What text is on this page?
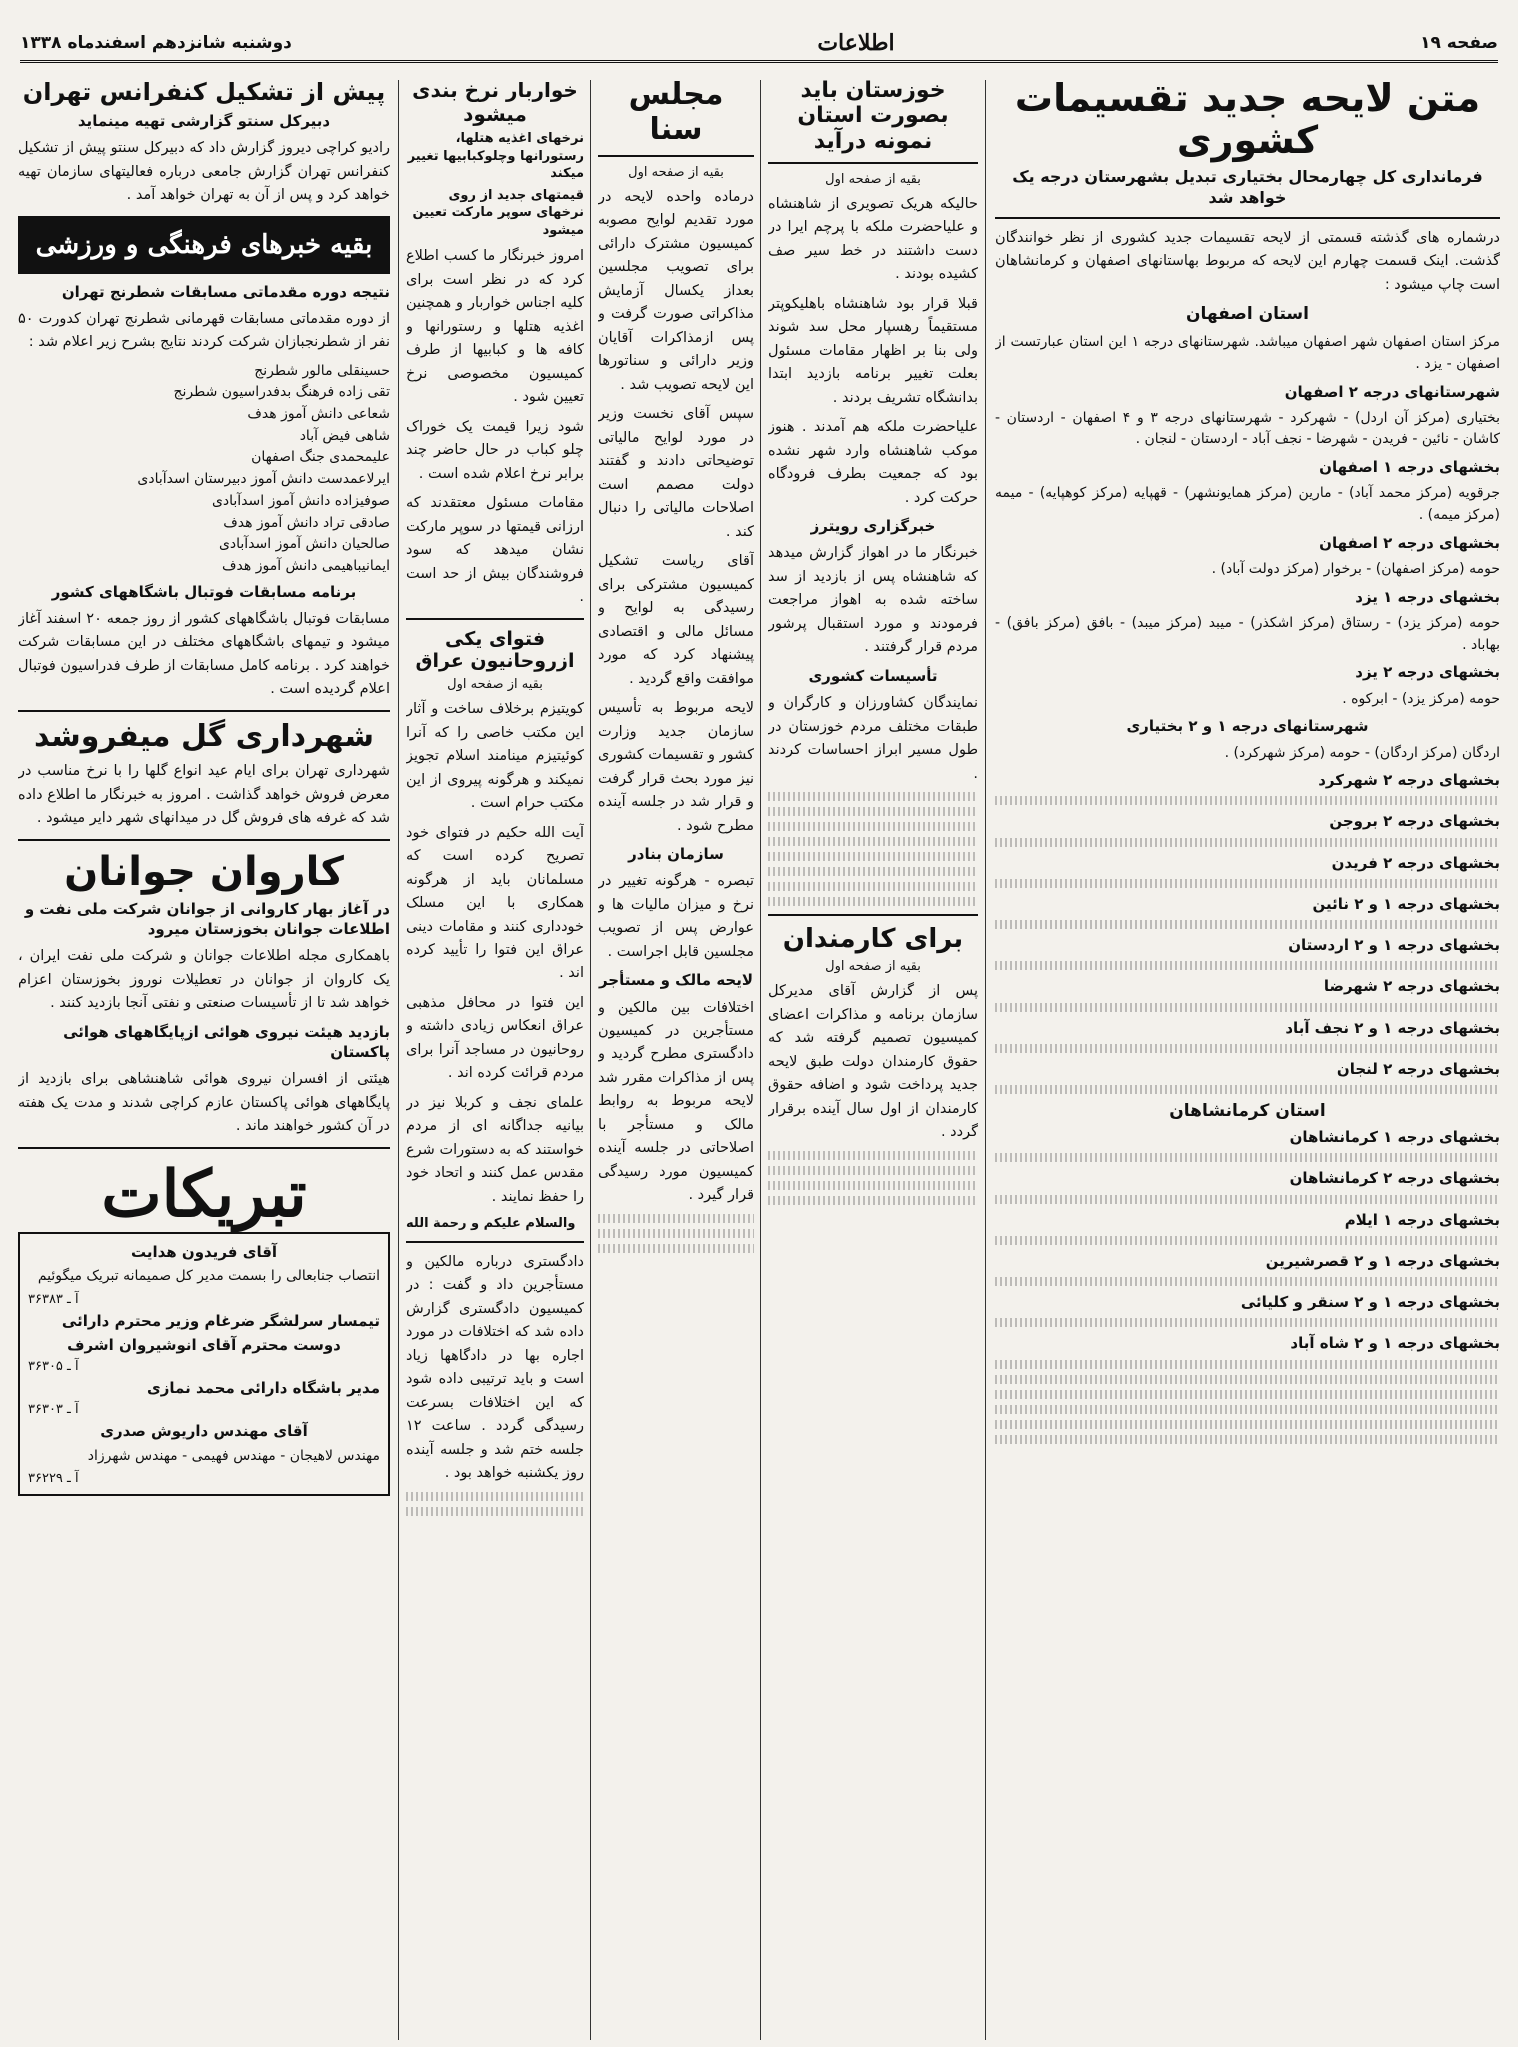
صفحه ۱۹
اطلاعات
دوشنبه شانزدهم اسفندماه ۱۳۳۸
متن لایحه جدید تقسیمات کشوری
فرمانداری کل چهارمحال بختیاری تبدیل بشهرستان درجه یک خواهد شد
درشماره های گذشته قسمتی از لایحه تقسیمات جدید کشوری از نظر خوانندگان گذشت. اینک قسمت چهارم این لایحه که مربوط بهاستانهای اصفهان و کرمانشاهان است چاپ میشود :
استان اصفهان
مرکز استان اصفهان شهر اصفهان میباشد. شهرستانهای درجه ۱ این استان عبارتست از اصفهان - یزد .
شهرستانهای درجه ۲ اصفهان
بختیاری (مرکز آن اردل) - شهرکرد - شهرستانهای درجه ۳ و ۴ اصفهان - اردستان - کاشان - نائین - فریدن - شهرضا - نجف آباد - اردستان - لنجان .
بخشهای درجه ۱ اصفهان
جرقویه (مرکز محمد آباد) - مارین (مرکز همایونشهر) - قهپایه (مرکز کوهپایه) - میمه (مرکز میمه) .
بخشهای درجه ۲ اصفهان
حومه (مرکز اصفهان) - برخوار (مرکز دولت آباد) .
بخشهای درجه ۱ یزد
حومه (مرکز یزد) - رستاق (مرکز اشکذر) - میبد (مرکز میبد) - بافق (مرکز بافق) - بهاباد .
بخشهای درجه ۲ یزد
حومه (مرکز یزد) - ابرکوه .
شهرستانهای درجه ۱ و ۲ بختیاری
اردگان (مرکز اردگان) - حومه (مرکز شهرکرد) .
بخشهای درجه ۲ شهرکرد
بخشهای درجه ۲ بروجن
بخشهای درجه ۲ فریدن
بخشهای درجه ۱ و ۲ نائین
بخشهای درجه ۱ و ۲ اردستان
بخشهای درجه ۲ شهرضا
بخشهای درجه ۱ و ۲ نجف آباد
بخشهای درجه ۲ لنجان
استان کرمانشاهان
بخشهای درجه ۱ کرمانشاهان
بخشهای درجه ۲ کرمانشاهان
بخشهای درجه ۱ ایلام
بخشهای درجه ۱ و ۲ قصرشیرین
بخشهای درجه ۱ و ۲ سنقر و کلیائی
بخشهای درجه ۱ و ۲ شاه آباد
خوزستان باید بصورت استان نمونه درآید
بقیه از صفحه اول
حالیکه هریک تصویری از شاهنشاه و علیاحضرت ملکه با پرچم ایرا در دست داشتند در خط سیر صف کشیده بودند .
قبلا قرار بود شاهنشاه باهلیکوپتر مستقیماً رهسپار محل سد شوند ولی بنا بر اظهار مقامات مسئول بعلت تغییر برنامه بازدید ابتدا بدانشگاه تشریف بردند .
علیاحضرت ملکه هم آمدند . هنوز موکب شاهنشاه وارد شهر نشده بود که جمعیت بطرف فرودگاه حرکت کرد .
خبرگزاری رویترز
خبرنگار ما در اهواز گزارش میدهد که شاهنشاه پس از بازدید از سد ساخته شده به اهواز مراجعت فرمودند و مورد استقبال پرشور مردم قرار گرفتند .
تأسیسات کشوری
نمایندگان کشاورزان و کارگران و طبقات مختلف مردم خوزستان در طول مسیر ابراز احساسات کردند .
برای کارمندان
بقیه از صفحه اول
پس از گزارش آقای مدیرکل سازمان برنامه و مذاکرات اعضای کمیسیون تصمیم گرفته شد که حقوق کارمندان دولت طبق لایحه جدید پرداخت شود و اضافه حقوق کارمندان از اول سال آینده برقرار گردد .
مجلس سنا
بقیه از صفحه اول
درماده واحده لایحه در مورد تقدیم لوایح مصوبه کمیسیون مشترک دارائی برای تصویب مجلسین بعداز یکسال آزمایش مذاکراتی صورت گرفت و پس ازمذاکرات آقایان وزیر دارائی و سناتورها این لایحه تصویب شد .
سپس آقای نخست وزیر در مورد لوایح مالیاتی توضیحاتی دادند و گفتند دولت مصمم است اصلاحات مالیاتی را دنبال کند .
آقای ریاست تشکیل کمیسیون مشترکی برای رسیدگی به لوایح و مسائل مالی و اقتصادی پیشنهاد کرد که مورد موافقت واقع گردید .
لایحه مربوط به تأسیس سازمان جدید وزارت کشور و تقسیمات کشوری نیز مورد بحث قرار گرفت و قرار شد در جلسه آینده مطرح شود .
سازمان بنادر
تبصره - هرگونه تغییر در نرخ و میزان مالیات ها و عوارض پس از تصویب مجلسین قابل اجراست .
لایحه مالک و مستأجر
اختلافات بین مالکین و مستأجرین در کمیسیون دادگستری مطرح گردید و پس از مذاکرات مقرر شد لایحه مربوط به روابط مالک و مستأجر با اصلاحاتی در جلسه آینده کمیسیون مورد رسیدگی قرار گیرد .
خواربار نرخ بندی میشود
نرخهای اغذیه هتلها، رستورانها وچلوکبابیها تغییر میکند
قیمتهای جدید از روی نرخهای سوپر مارکت تعیین میشود
امروز خبرنگار ما کسب اطلاع کرد که در نظر است برای کلیه اجناس خواربار و همچنین اغذیه هتلها و رستورانها و کافه ها و کبابیها از طرف کمیسیون مخصوصی نرخ تعیین شود .
شود زیرا قیمت یک خوراک چلو کباب در حال حاضر چند برابر نرخ اعلام شده است .
مقامات مسئول معتقدند که ارزانی قیمتها در سوپر مارکت نشان میدهد که سود فروشندگان بیش از حد است .
فتوای یکی ازروحانیون عراق
بقیه از صفحه اول
کویتیزم برخلاف ساخت و آثار این مکتب خاصی را که آنرا کوئیتیزم مینامند اسلام تجویز نمیکند و هرگونه پیروی از این مکتب حرام است .
آیت الله حکیم در فتوای خود تصریح کرده است که مسلمانان باید از هرگونه همکاری با این مسلک خودداری کنند و مقامات دینی عراق این فتوا را تأیید کرده اند .
این فتوا در محافل مذهبی عراق انعکاس زیادی داشته و روحانیون در مساجد آنرا برای مردم قرائت کرده اند .
علمای نجف و کربلا نیز در بیانیه جداگانه ای از مردم خواستند که به دستورات شرع مقدس عمل کنند و اتحاد خود را حفظ نمایند .
والسلام علیکم و رحمة الله
دادگستری درباره مالکین و مستأجرین داد و گفت : در کمیسیون دادگستری گزارش داده شد که اختلافات در مورد اجاره بها در دادگاهها زیاد است و باید ترتیبی داده شود که این اختلافات بسرعت رسیدگی گردد . ساعت ۱۲ جلسه ختم شد و جلسه آینده روز یکشنبه خواهد بود .
پیش از تشکیل کنفرانس تهران
دبیرکل سنتو گزارشی تهیه مینماید
رادیو کراچی دیروز گزارش داد که دبیرکل سنتو پیش از تشکیل کنفرانس تهران گزارش جامعی درباره فعالیتهای سازمان تهیه خواهد کرد و پس از آن به تهران خواهد آمد .
بقیه خبرهای فرهنگی و ورزشی
نتیجه دوره مقدماتی مسابقات شطرنج تهران
از دوره مقدماتی مسابقات قهرمانی شطرنج تهران کدورت ۵۰ نفر از شطرنجبازان شرکت کردند نتایج بشرح زیر اعلام شد :
حسینقلی مالور شطرنج
تقی زاده فرهنگ بدفدراسیون شطرنج
شعاعی دانش آموز هدف
شاهی فیض آباد
علیمحمدی جنگ اصفهان
ایرلاعمدست دانش آموز دبیرستان اسدآبادی
صوفیزاده دانش آموز اسدآبادی
صادقی تراد دانش آموز هدف
صالحیان دانش آموز اسدآبادی
ایمانیباهیمی دانش آموز هدف
برنامه مسابقات فوتبال باشگاههای کشور
مسابقات فوتبال باشگاههای کشور از روز جمعه ۲۰ اسفند آغاز میشود و تیمهای باشگاههای مختلف در این مسابقات شرکت خواهند کرد . برنامه کامل مسابقات از طرف فدراسیون فوتبال اعلام گردیده است .
شهرداری گل میفروشد
شهرداری تهران برای ایام عید انواع گلها را با نرخ مناسب در معرض فروش خواهد گذاشت . امروز به خبرنگار ما اطلاع داده شد که غرفه های فروش گل در میدانهای شهر دایر میشود .
کاروان جوانان
در آغاز بهار کاروانی از جوانان شرکت ملی نفت و اطلاعات جوانان بخوزستان میرود
باهمکاری مجله اطلاعات جوانان و شرکت ملی نفت ایران ، یک کاروان از جوانان در تعطیلات نوروز بخوزستان اعزام خواهد شد تا از تأسیسات صنعتی و نفتی آنجا بازدید کنند .
بازدید هیئت نیروی هوائی ازپایگاههای هوائی پاکستان
هیئتی از افسران نیروی هوائی شاهنشاهی برای بازدید از پایگاههای هوائی پاکستان عازم کراچی شدند و مدت یک هفته در آن کشور خواهند ماند .
تبریکات
آقای فریدون هدایت
انتصاب جنابعالی را بسمت مدیر کل صمیمانه تبریک میگوئیم
آ ـ ۳۶۳۸۳
تیمسار سرلشگر ضرغام وزیر محترم دارائی
دوست محترم آقای انوشیروان اشرف
آ ـ ۳۶۳۰۵
مدیر باشگاه دارائی محمد نمازی
آ ـ ۳۶۳۰۳
آقای مهندس داریوش صدری
مهندس لاهیجان - مهندس فهیمی - مهندس شهرزاد
آ ـ ۳۶۲۲۹
